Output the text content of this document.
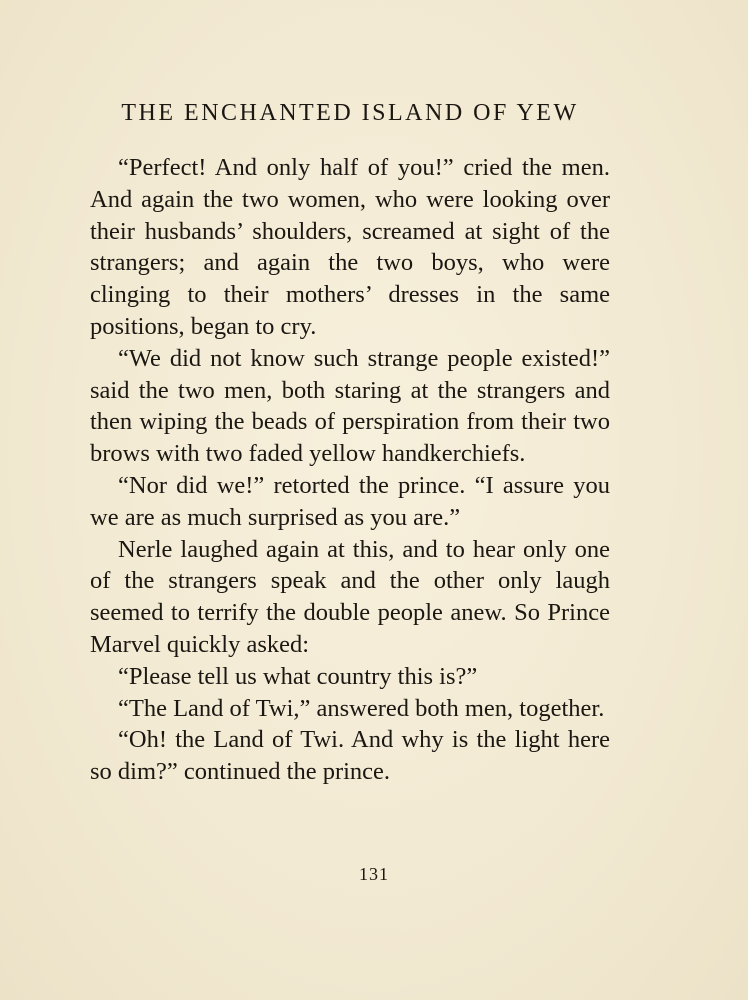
THE ENCHANTED ISLAND OF YEW

“Perfect! And only half of you!” cried the men. And again the two women, who were looking over their husbands’ shoulders, screamed at sight of the strangers; and again the two boys, who were clinging to their mothers’ dresses in the same positions, began to cry.

“We did not know such strange people existed!” said the two men, both staring at the strangers and then wiping the beads of perspiration from their two brows with two faded yellow handkerchiefs.

“Nor did we!” retorted the prince. “I assure you we are as much surprised as you are.”

Nerle laughed again at this, and to hear only one of the strangers speak and the other only laugh seemed to terrify the double people anew. So Prince Marvel quickly asked:

“Please tell us what country this is?”

“The Land of Twi,” answered both men, together.

“Oh! the Land of Twi. And why is the light here so dim?” continued the prince.

131
